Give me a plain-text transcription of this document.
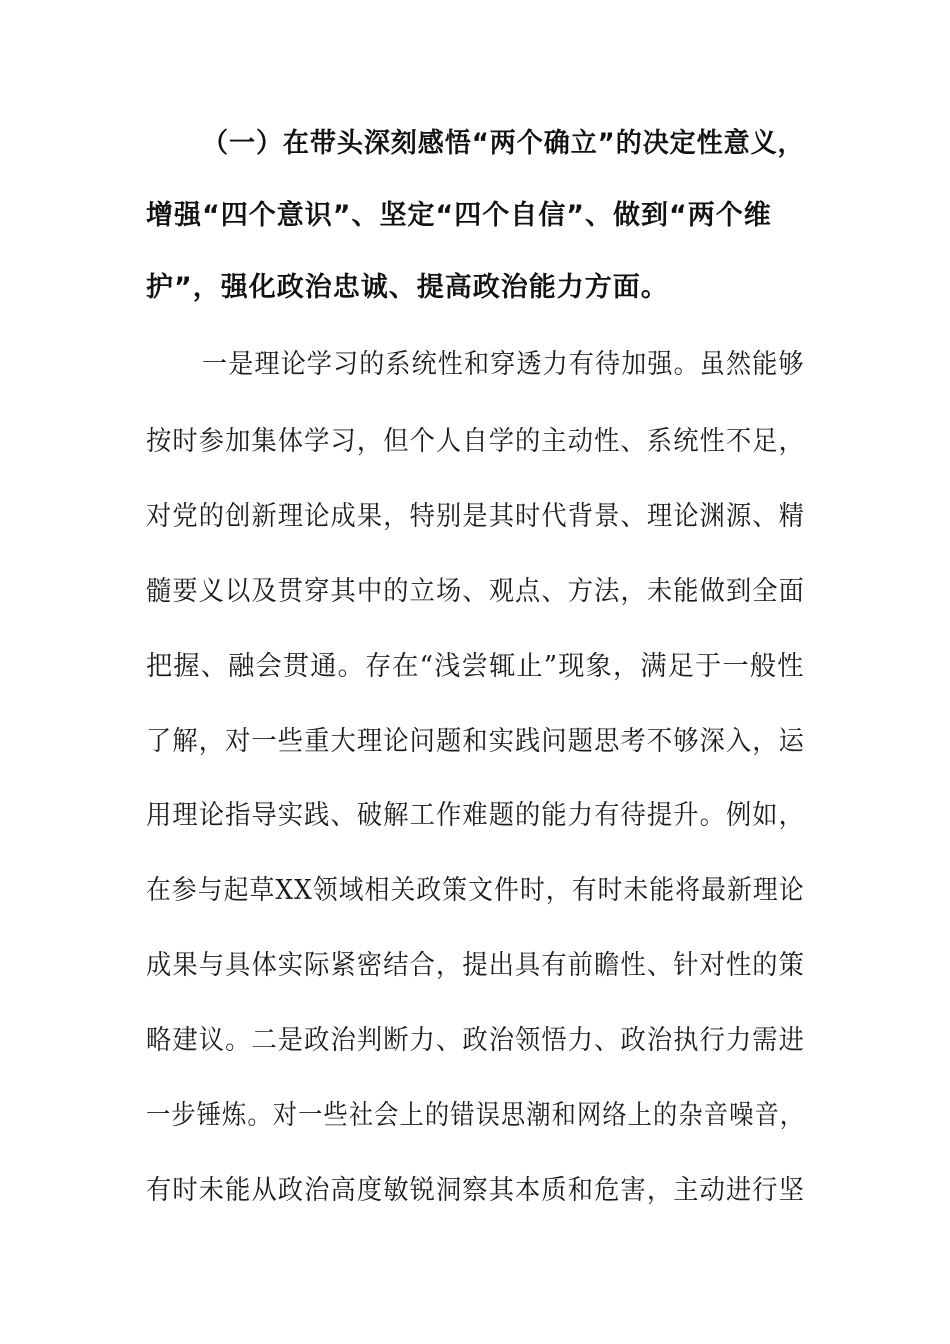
（一）在带头深刻感悟“两个确立”的决定性意义，
增强“四个意识”、坚定“四个自信”、做到“两个维
护”，强化政治忠诚、提高政治能力方面。
一是理论学习的系统性和穿透力有待加强。虽然能够
按时参加集体学习，但个人自学的主动性、系统性不足，
对党的创新理论成果，特别是其时代背景、理论渊源、精
髓要义以及贯穿其中的立场、观点、方法，未能做到全面
把握、融会贯通。存在“浅尝辄止”现象，满足于一般性
了解，对一些重大理论问题和实践问题思考不够深入，运
用理论指导实践、破解工作难题的能力有待提升。例如，
在参与起草XX领域相关政策文件时，有时未能将最新理论
成果与具体实际紧密结合，提出具有前瞻性、针对性的策
略建议。二是政治判断力、政治领悟力、政治执行力需进
一步锤炼。对一些社会上的错误思潮和网络上的杂音噪音，
有时未能从政治高度敏锐洞察其本质和危害，主动进行坚
